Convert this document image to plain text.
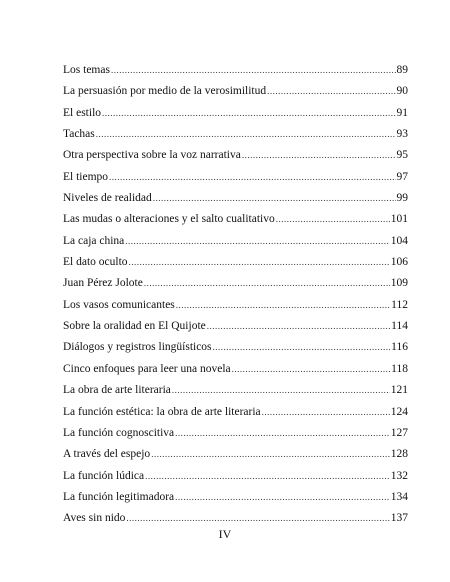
Los temas .....	89
La persuasión por medio de la verosimilitud .....	90
El estilo .....	91
Tachas .....	93
Otra perspectiva sobre la voz narrativa .....	95
El tiempo .....	97
Niveles de realidad .....	99
Las mudas o alteraciones y el salto cualitativo .....	101
La caja china .....	104
El dato oculto .....	106
Juan Pérez Jolote .....	109
Los vasos comunicantes .....	112
Sobre la oralidad en El Quijote .....	114
Diálogos y registros lingüísticos .....	116
Cinco enfoques para leer una novela .....	118
La obra de arte literaria .....	121
La función estética: la obra de arte literaria .....	124
La función cognoscitiva .....	127
A través del espejo .....	128
La función lúdica .....	132
La función legitimadora .....	134
Aves sin nido .....	137
IV
